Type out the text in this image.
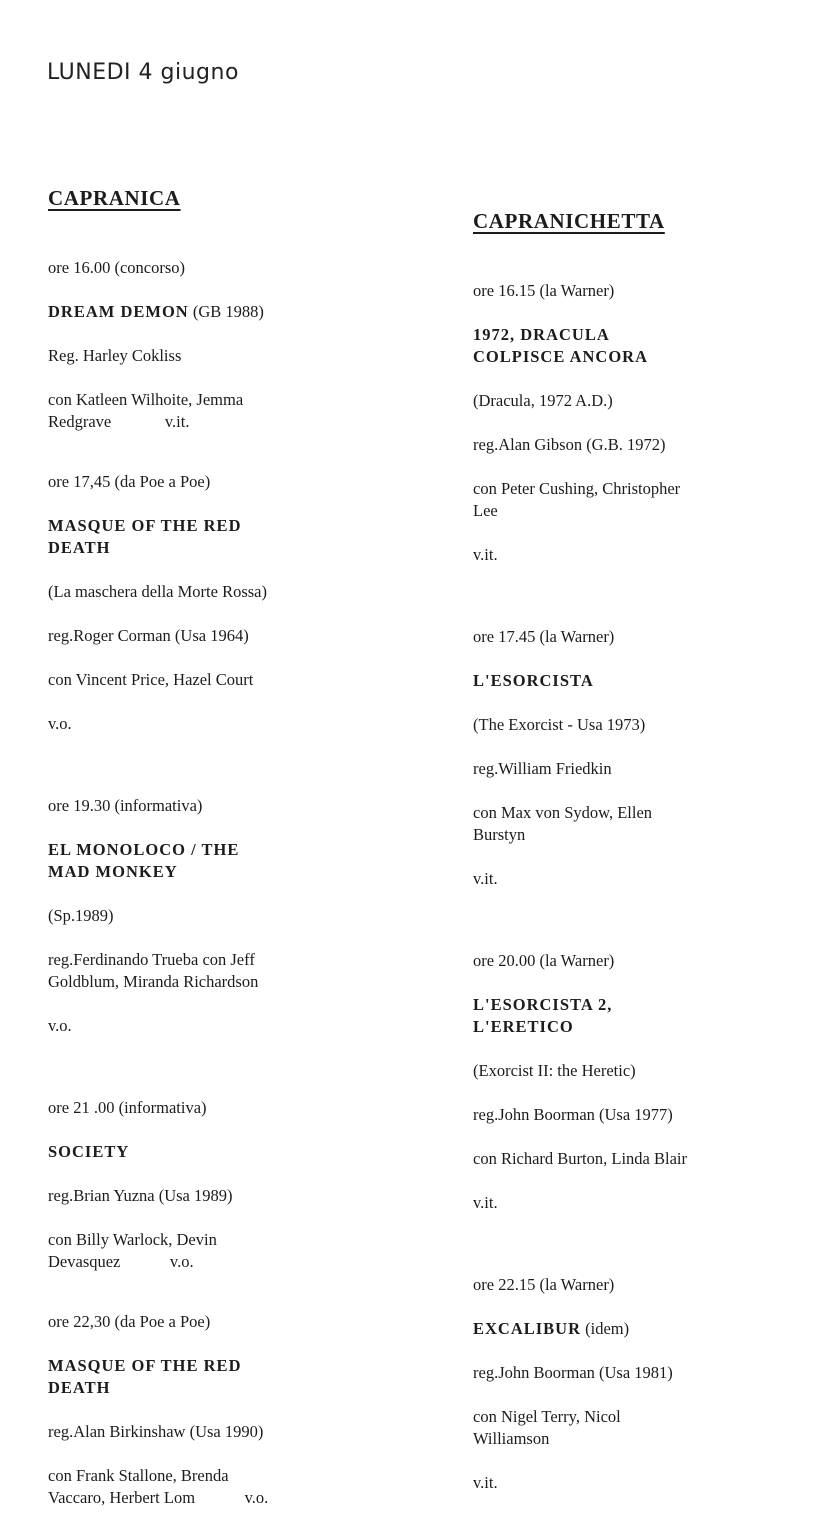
LUNEDI 4 giugno
CAPRANICA

ore 16.00 (concorso)

DREAM DEMON (GB 1988)

Reg. Harley Cokliss

con Katleen Wilhoite, Jemma
Redgrave	v.it.

ore 17,45 (da Poe a Poe)

MASQUE OF THE RED
DEATH

(La maschera della Morte Rossa)

reg.Roger Corman (Usa 1964)

con Vincent Price, Hazel Court

v.o.

ore 19.30 (informativa)

EL MONOLOCO / THE
MAD MONKEY

(Sp.1989)

reg.Ferdinando Trueba con Jeff
Goldblum, Miranda Richardson

v.o.

ore 21 .00 (informativa)

SOCIETY

reg.Brian Yuzna (Usa 1989)

con Billy Warlock, Devin
Devasquez	v.o.

ore 22,30 (da Poe a Poe)

MASQUE OF THE RED
DEATH

reg.Alan Birkinshaw (Usa 1990)

con Frank Stallone, Brenda
Vaccaro, Herbert Lom	v.o.

CAPRANICHETTA

ore 16.15 (la Warner)

1972, DRACULA
COLPISCE ANCORA

(Dracula, 1972 A.D.)

reg.Alan Gibson (G.B. 1972)

con Peter Cushing, Christopher
Lee

v.it.

ore 17.45 (la Warner)

L'ESORCISTA

(The Exorcist - Usa 1973)

reg.William Friedkin

con Max von Sydow, Ellen
Burstyn

v.it.

ore 20.00 (la Warner)

L'ESORCISTA 2,
L'ERETICO

(Exorcist II: the Heretic)

reg.John Boorman (Usa 1977)

con Richard Burton, Linda Blair

v.it.

ore 22.15 (la Warner)

EXCALIBUR (idem)

reg.John Boorman (Usa 1981)

con Nigel Terry, Nicol
Williamson

v.it.
